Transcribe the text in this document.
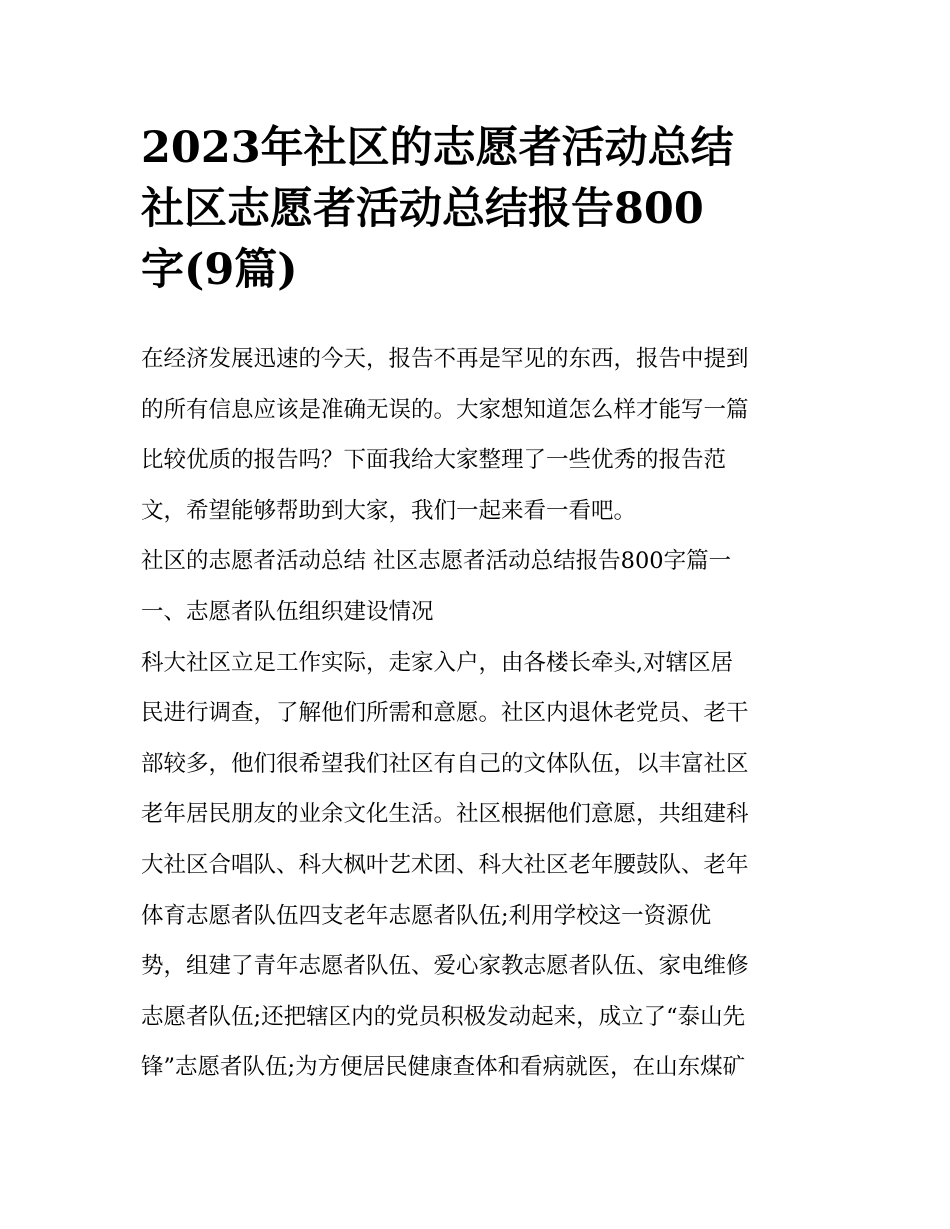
2023年社区的志愿者活动总结
社区志愿者活动总结报告800
字(9篇)
在经济发展迅速的今天，报告不再是罕见的东西，报告中提到
的所有信息应该是准确无误的。大家想知道怎么样才能写一篇
比较优质的报告吗？下面我给大家整理了一些优秀的报告范
文，希望能够帮助到大家，我们一起来看一看吧。
社区的志愿者活动总结 社区志愿者活动总结报告800字篇一
一、志愿者队伍组织建设情况
科大社区立足工作实际，走家入户，由各楼长牵头,对辖区居
民进行调查，了解他们所需和意愿。社区内退休老党员、老干
部较多，他们很希望我们社区有自己的文体队伍，以丰富社区
老年居民朋友的业余文化生活。社区根据他们意愿，共组建科
大社区合唱队、科大枫叶艺术团、科大社区老年腰鼓队、老年
体育志愿者队伍四支老年志愿者队伍;利用学校这一资源优
势，组建了青年志愿者队伍、爱心家教志愿者队伍、家电维修
志愿者队伍;还把辖区内的党员积极发动起来，成立了“泰山先
锋”志愿者队伍;为方便居民健康查体和看病就医，在山东煤矿
